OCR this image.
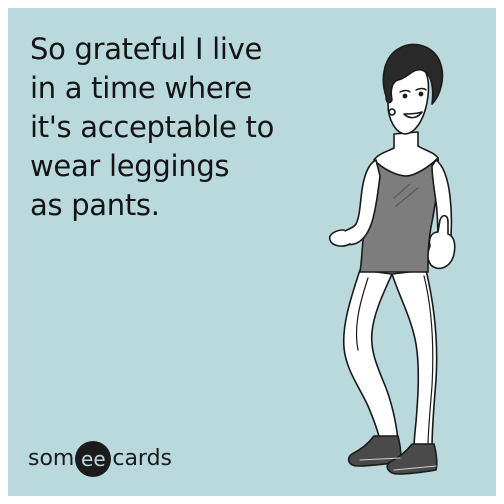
So grateful I live
in a time where
it's acceptable to
wear leggings
as pants.
som ee cards
